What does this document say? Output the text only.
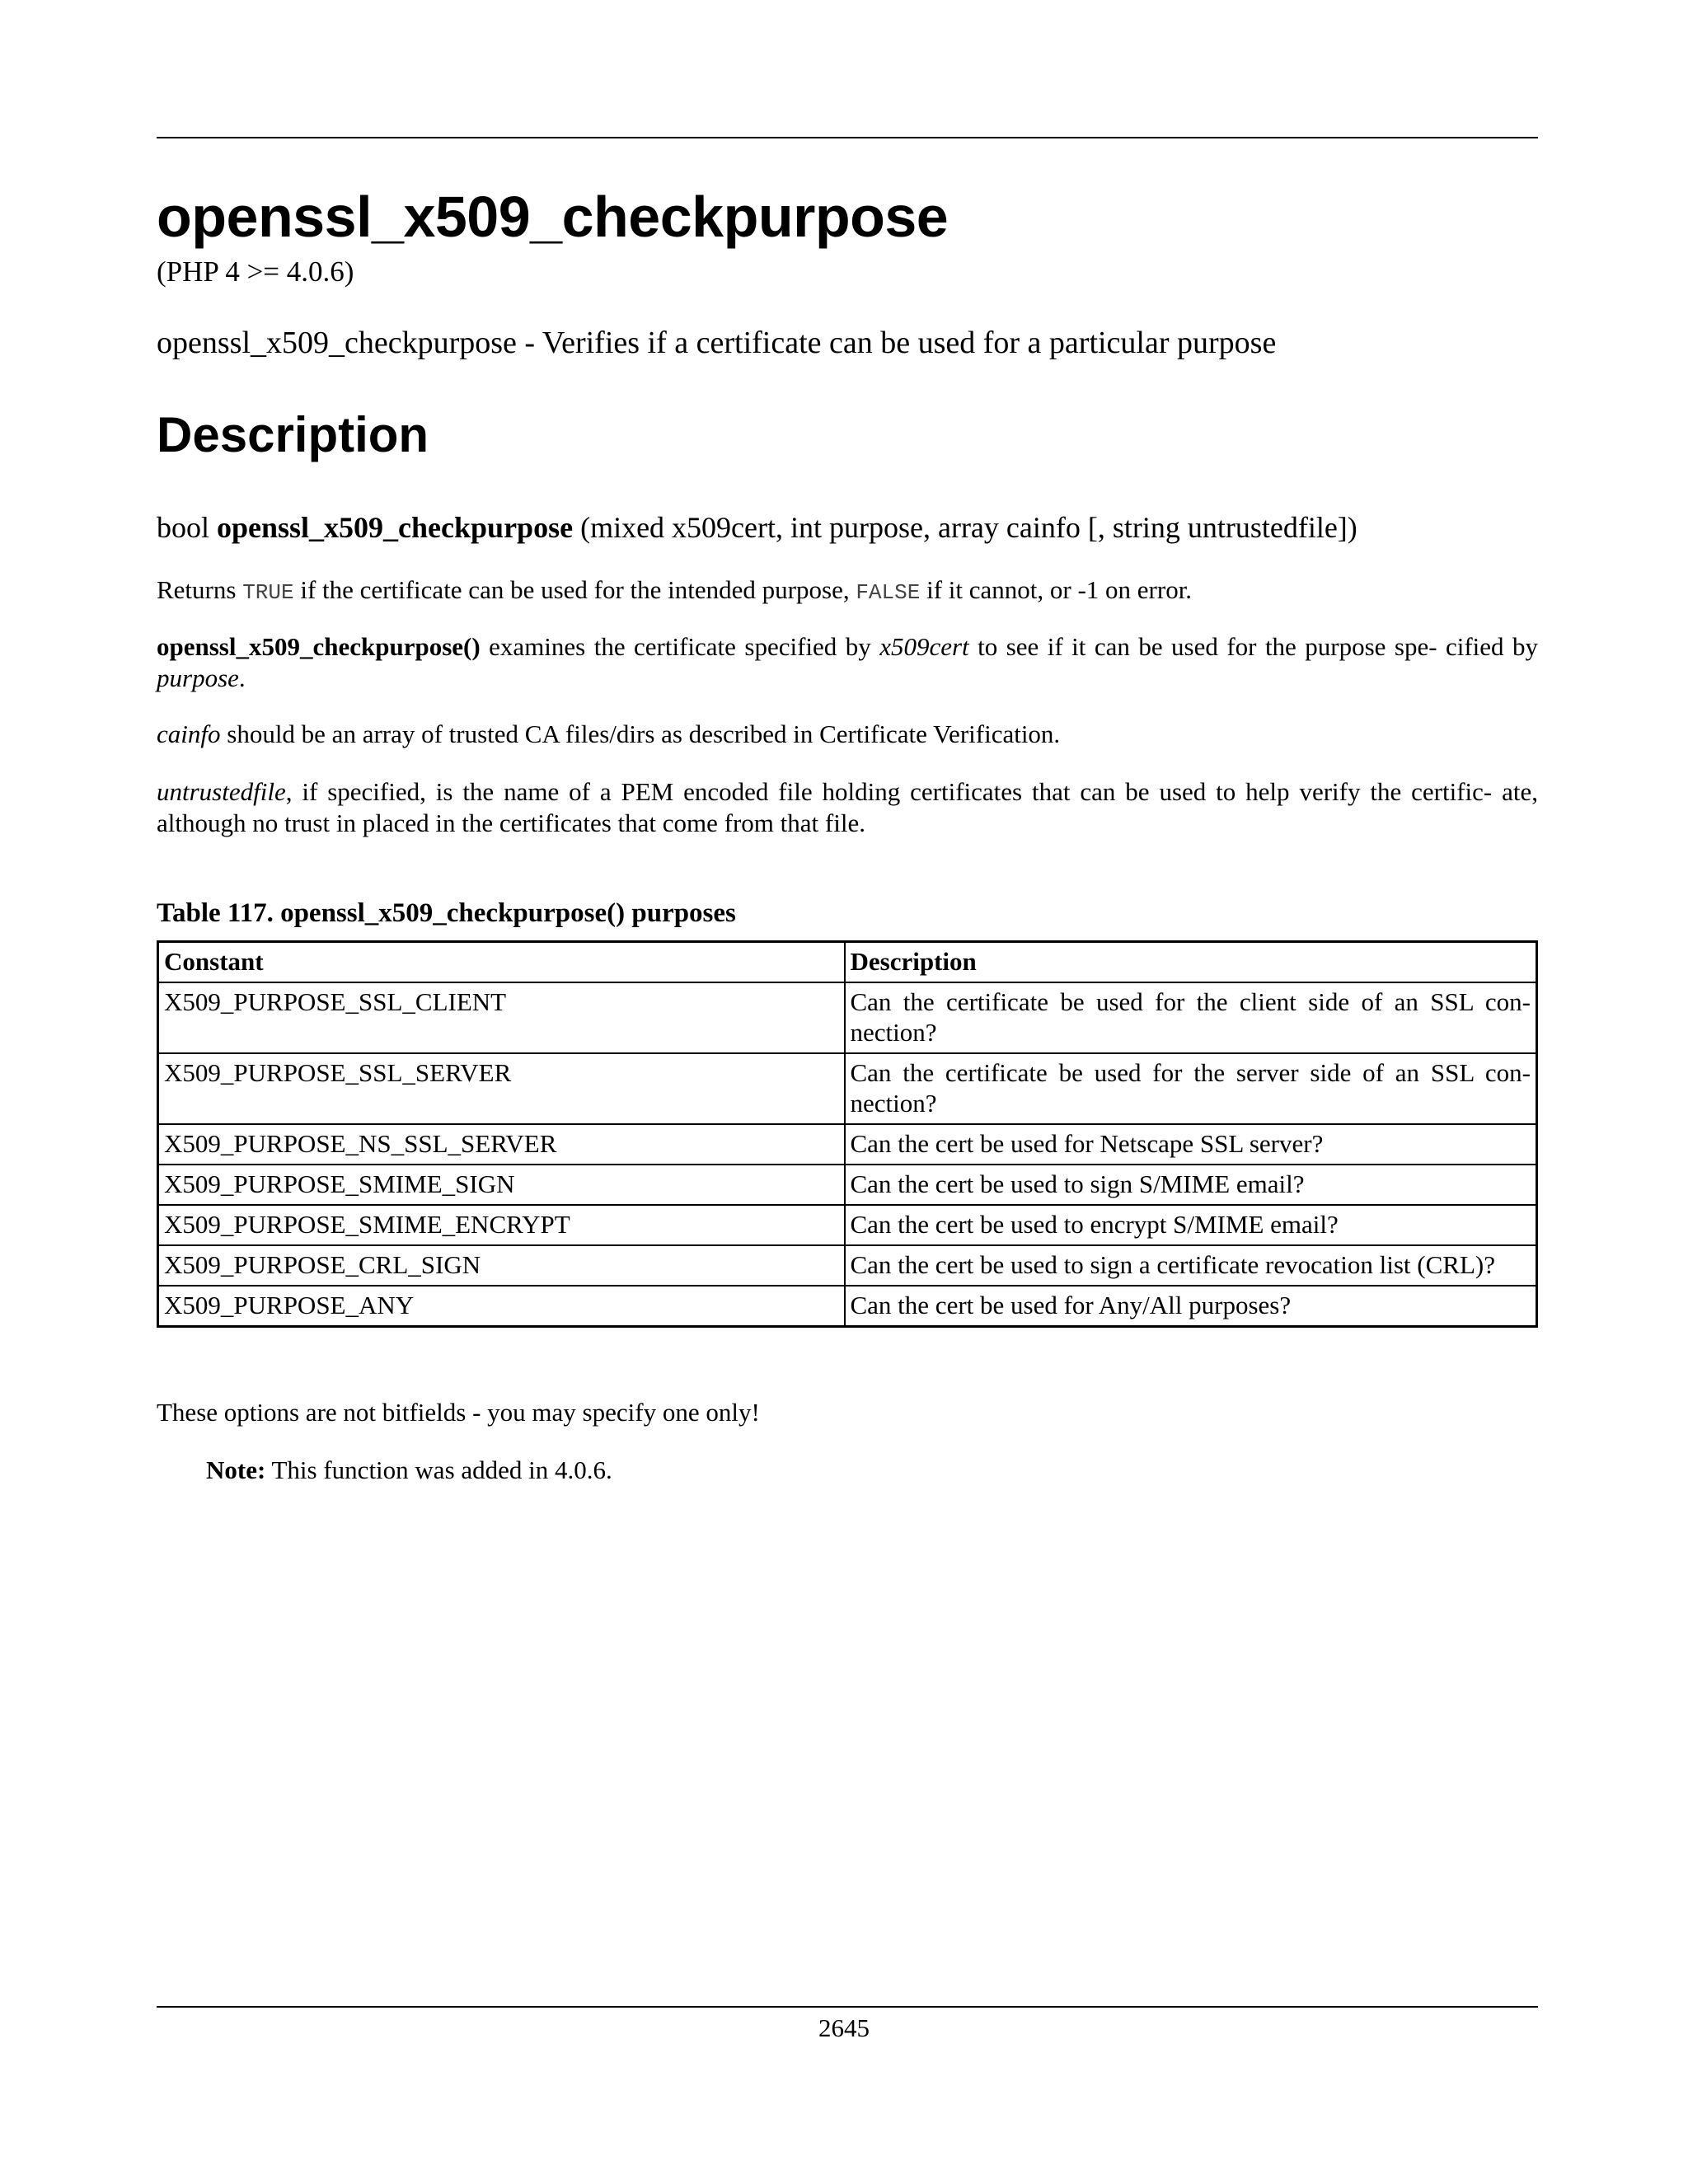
openssl_x509_checkpurpose
(PHP 4 >= 4.0.6)
openssl_x509_checkpurpose - Verifies if a certificate can be used for a particular purpose
Description
bool openssl_x509_checkpurpose (mixed x509cert, int purpose, array cainfo [, string untrustedfile])
Returns TRUE if the certificate can be used for the intended purpose, FALSE if it cannot, or -1 on error.
openssl_x509_checkpurpose() examines the certificate specified by x509cert to see if it can be used for the purpose spe- cified by purpose.
cainfo should be an array of trusted CA files/dirs as described in Certificate Verification.
untrustedfile, if specified, is the name of a PEM encoded file holding certificates that can be used to help verify the certific- ate, although no trust in placed in the certificates that come from that file.
Table 117. openssl_x509_checkpurpose() purposes
Constant	Description
X509_PURPOSE_SSL_CLIENT	Can the certificate be used for the client side of an SSL con- nection?
X509_PURPOSE_SSL_SERVER	Can the certificate be used for the server side of an SSL con- nection?
X509_PURPOSE_NS_SSL_SERVER	Can the cert be used for Netscape SSL server?
X509_PURPOSE_SMIME_SIGN	Can the cert be used to sign S/MIME email?
X509_PURPOSE_SMIME_ENCRYPT	Can the cert be used to encrypt S/MIME email?
X509_PURPOSE_CRL_SIGN	Can the cert be used to sign a certificate revocation list (CRL)?
X509_PURPOSE_ANY	Can the cert be used for Any/All purposes?
These options are not bitfields - you may specify one only!
Note: This function was added in 4.0.6.
2645
